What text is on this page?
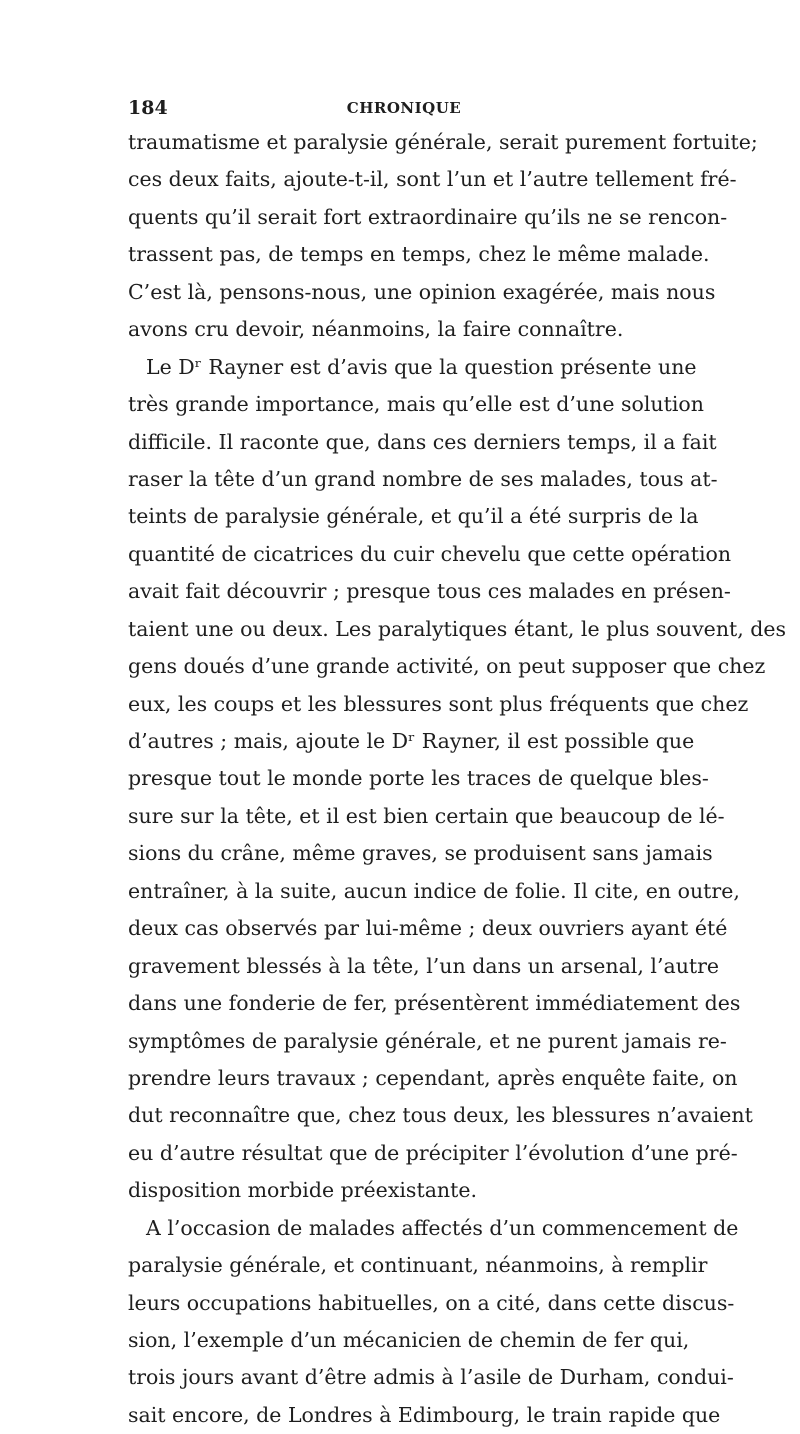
184	CHRONIQUE
traumatisme et paralysie générale, serait purement fortuite;
ces deux faits, ajoute-t-il, sont l’un et l’autre tellement fré-
quents qu’il serait fort extraordinaire qu’ils ne se rencon-
trassent pas, de temps en temps, chez le même malade.
C’est là, pensons-nous, une opinion exagérée, mais nous
avons cru devoir, néanmoins, la faire connaître.
Le Dʳ Rayner est d’avis que la question présente une
très grande importance, mais qu’elle est d’une solution
difficile. Il raconte que, dans ces derniers temps, il a fait
raser la tête d’un grand nombre de ses malades, tous at-
teints de paralysie générale, et qu’il a été surpris de la
quantité de cicatrices du cuir chevelu que cette opération
avait fait découvrir ; presque tous ces malades en présen-
taient une ou deux. Les paralytiques étant, le plus souvent, des
gens doués d’une grande activité, on peut supposer que chez
eux, les coups et les blessures sont plus fréquents que chez
d’autres ; mais, ajoute le Dʳ Rayner, il est possible que
presque tout le monde porte les traces de quelque bles-
sure sur la tête, et il est bien certain que beaucoup de lé-
sions du crâne, même graves, se produisent sans jamais
entraîner, à la suite, aucun indice de folie. Il cite, en outre,
deux cas observés par lui-même ; deux ouvriers ayant été
gravement blessés à la tête, l’un dans un arsenal, l’autre
dans une fonderie de fer, présentèrent immédiatement des
symptômes de paralysie générale, et ne purent jamais re-
prendre leurs travaux ; cependant, après enquête faite, on
dut reconnaître que, chez tous deux, les blessures n’avaient
eu d’autre résultat que de précipiter l’évolution d’une pré-
disposition morbide préexistante.
A l’occasion de malades affectés d’un commencement de
paralysie générale, et continuant, néanmoins, à remplir
leurs occupations habituelles, on a cité, dans cette discus-
sion, l’exemple d’un mécanicien de chemin de fer qui,
trois jours avant d’être admis à l’asile de Durham, condui-
sait encore, de Londres à Edimbourg, le train rapide que
